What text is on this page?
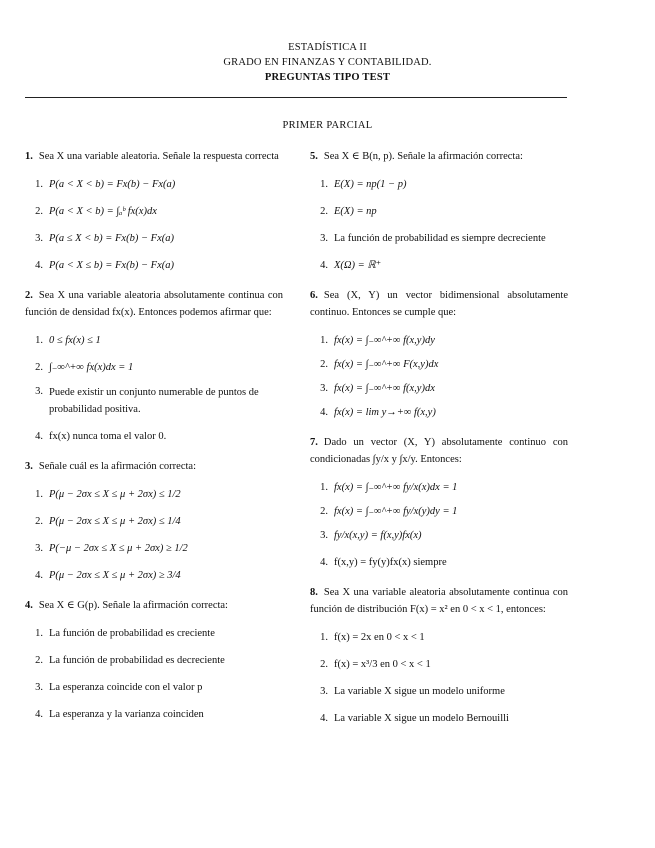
ESTADÍSTICA II
GRADO EN FINANZAS Y CONTABILIDAD.
PREGUNTAS TIPO TEST
PRIMER PARCIAL
1. Sea X una variable aleatoria. Señale la respuesta correcta
1. P(a < X < b) = Fx(b) − Fx(a)
2. P(a < X < b) = ∫ₐᵇ fx(x)dx
3. P(a ≤ X < b) = Fx(b) − Fx(a)
4. P(a < X ≤ b) = Fx(b) − Fx(a)
2. Sea X una variable aleatoria absolutamente continua con función de densidad fx(x). Entonces podemos afirmar que:
1. 0 ≤ fx(x) ≤ 1
2. ∫₋∞^+∞ fx(x)dx = 1
3. Puede existir un conjunto numerable de puntos de probabilidad positiva.
4. fx(x) nunca toma el valor 0.
3. Señale cuál es la afirmación correcta:
1. P(μ − 2σx ≤ X ≤ μ + 2σx) ≤ 1/2
2. P(μ − 2σx ≤ X ≤ μ + 2σx) ≤ 1/4
3. P(−μ − 2σx ≤ X ≤ μ + 2σx) ≥ 1/2
4. P(μ − 2σx ≤ X ≤ μ + 2σx) ≥ 3/4
4. Sea X ∈ G(p). Señale la afirmación correcta:
1. La función de probabilidad es creciente
2. La función de probabilidad es decreciente
3. La esperanza coincide con el valor p
4. La esperanza y la varianza coinciden
5. Sea X ∈ B(n, p). Señale la afirmación correcta:
1. E(X) = np(1 − p)
2. E(X) = np
3. La función de probabilidad es siempre decreciente
4. X(Ω) = ℝ⁺
6. Sea (X, Y) un vector bidimensional absolutamente continuo. Entonces se cumple que:
1. fx(x) = ∫₋∞^+∞ f(x,y)dy
2. fx(x) = ∫₋∞^+∞ F(x,y)dx
3. fx(x) = ∫₋∞^+∞ f(x,y)dx
4. fx(x) = lim y→+∞ f(x,y)
7. Dado un vector (X, Y) absolutamente continuo con condicionadas ∫y/x y ∫x/y. Entonces:
1. fx(x) = ∫₋∞^+∞ fy/x(x)dx = 1
2. fx(x) = ∫₋∞^+∞ fy/x(y)dy = 1
3. fy/x(x,y) = f(x,y)fx(x)
4. f(x,y) = fy(y)fx(x) siempre
8. Sea X una variable aleatoria absolutamente continua con función de distribución F(x) = x² en 0 < x < 1, entonces:
1. f(x) = 2x en 0 < x < 1
2. f(x) = x³/3 en 0 < x < 1
3. La variable X sigue un modelo uniforme
4. La variable X sigue un modelo Bernouilli
